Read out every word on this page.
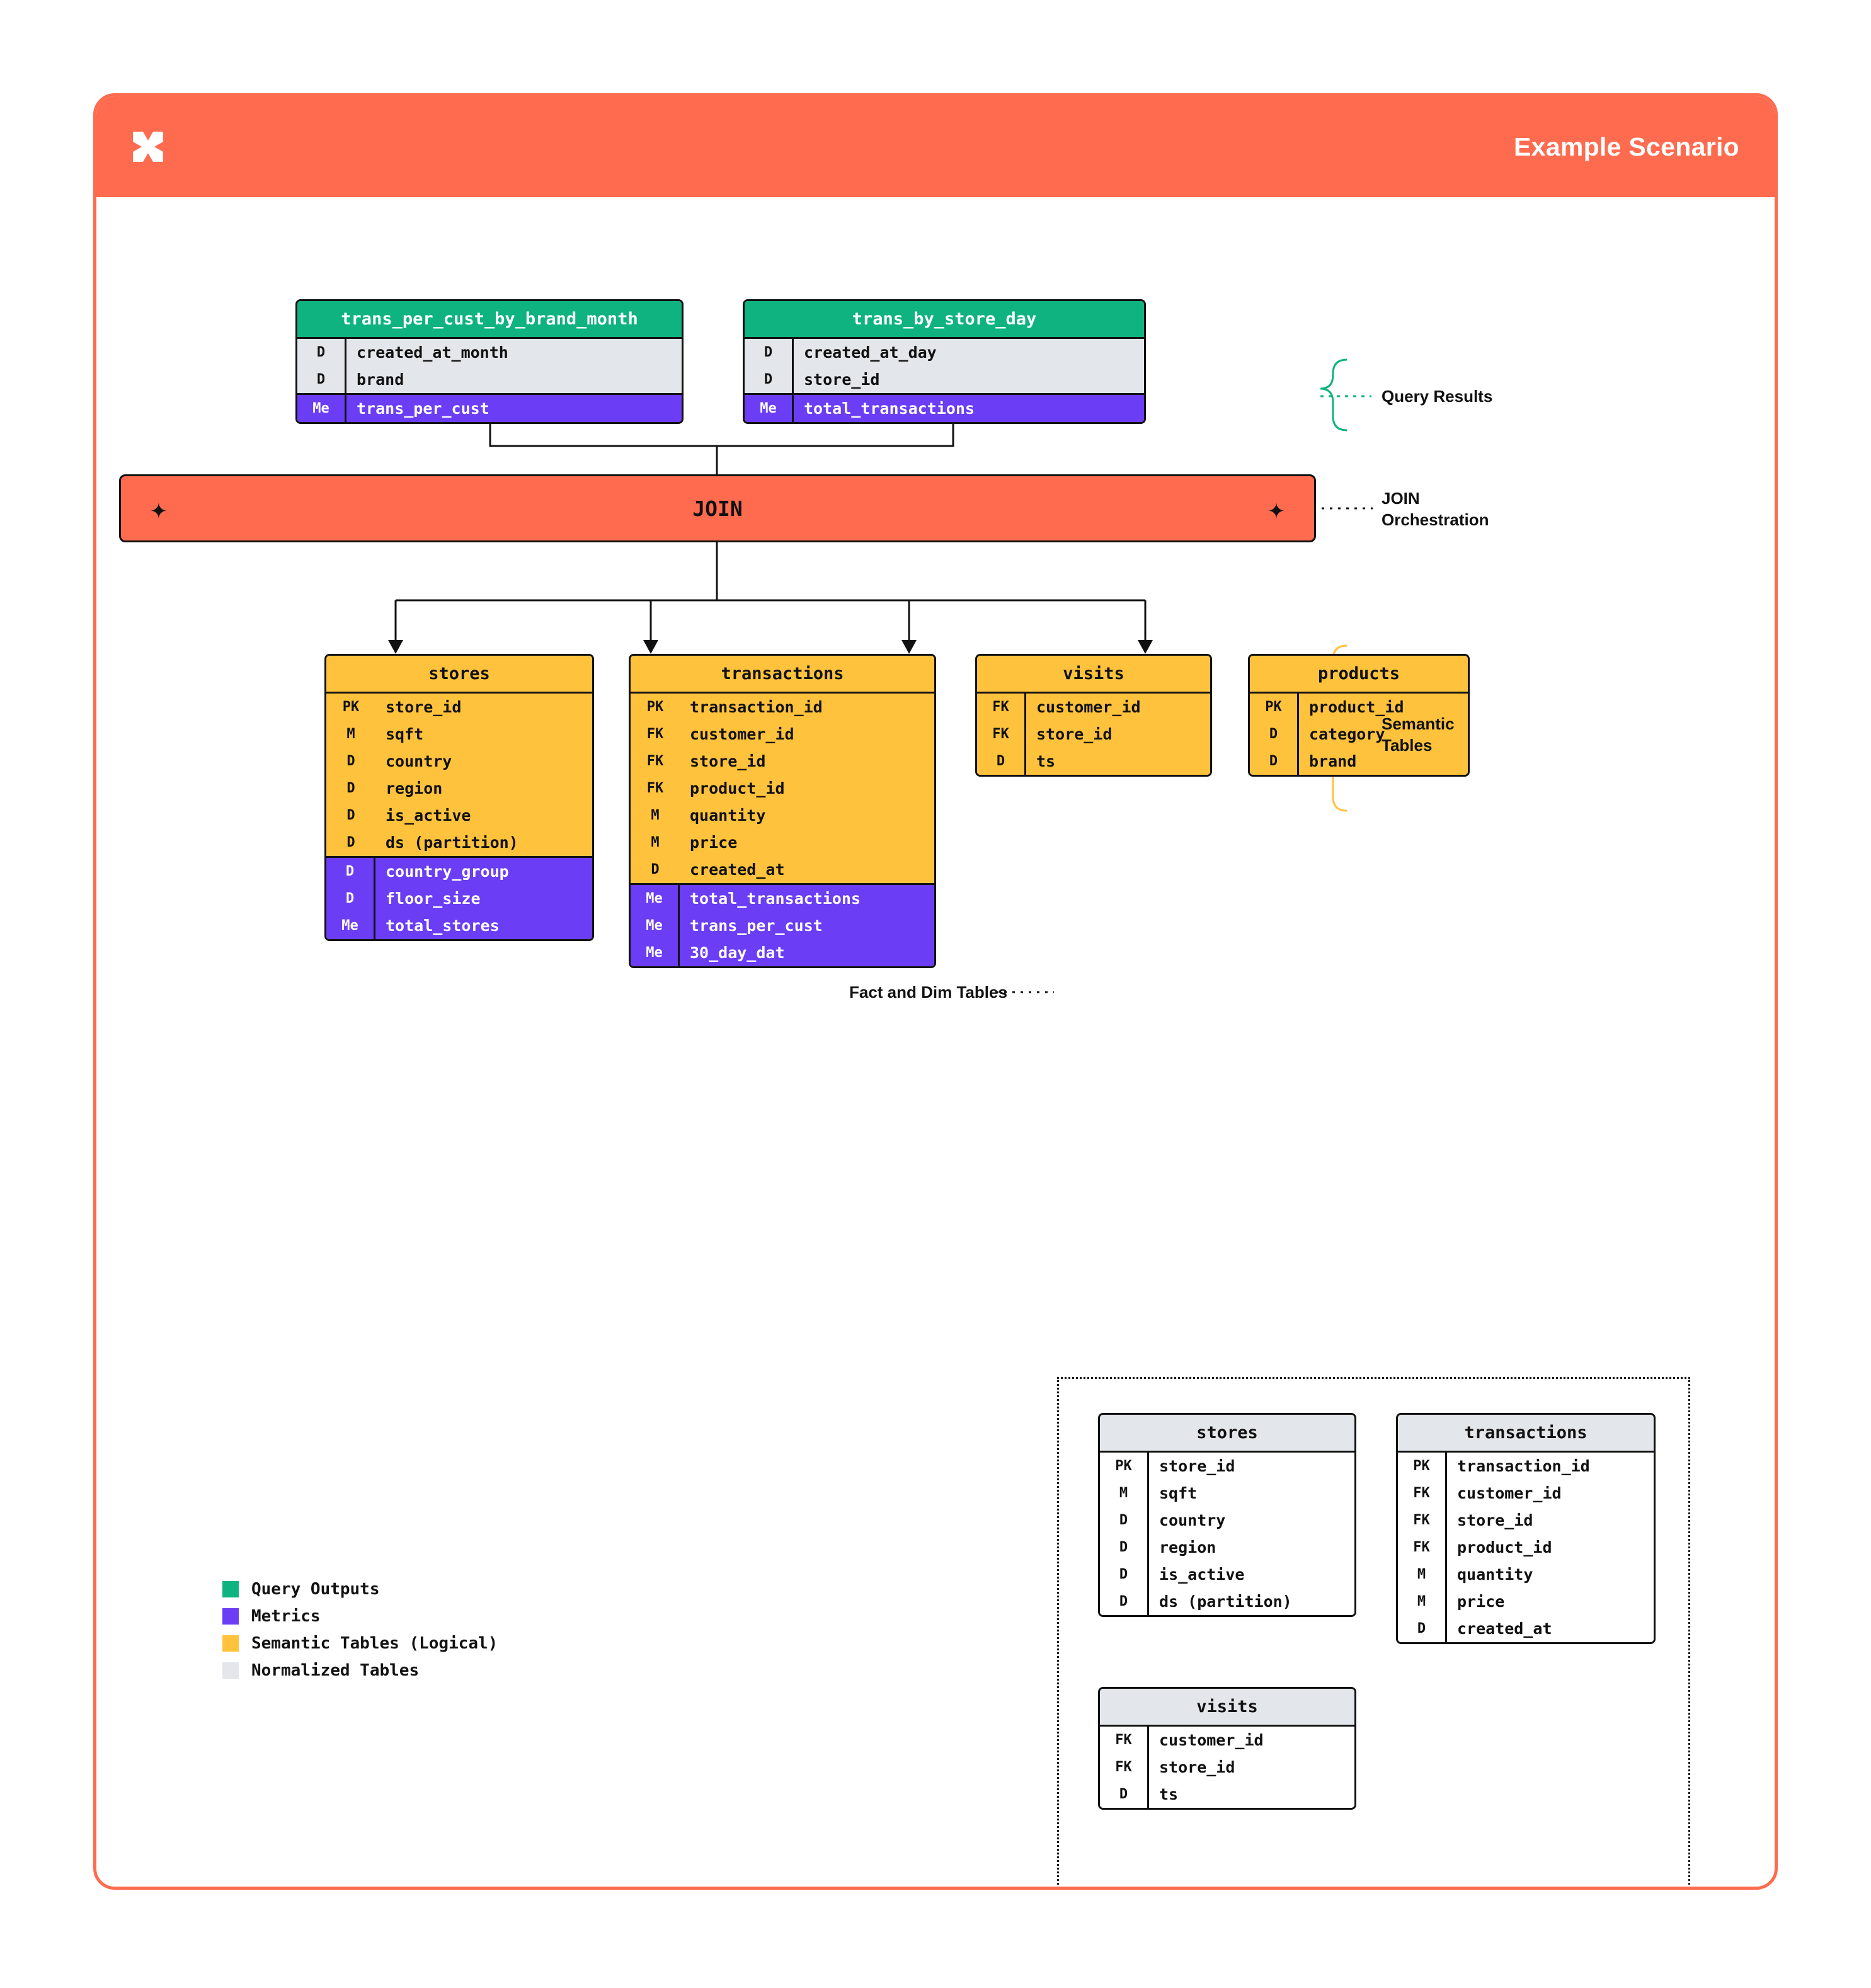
Example Scenario
trans_per_cust_by_brand_month
D	created_at_month
D	brand
Me	trans_per_cust
trans_by_store_day
D	created_at_day
D	store_id
Me	total_transactions
✦	JOIN	✦
stores
PK	store_id
M	sqft
D	country
D	region
D	is_active
D	ds (partition)
D	country_group
D	floor_size
Me	total_stores
transactions
PK	transaction_id
FK	customer_id
FK	store_id
FK	product_id
M	quantity
M	price
D	created_at
Me	total_transactions
Me	trans_per_cust
Me	30_day_dat
visits
FK	customer_id
FK	store_id
D	ts
products
PK	product_id
D	category
D	brand
Query Results
JOIN
Orchestration
Semantic
Tables
Fact and Dim Tables
stores
PK	store_id
M	sqft
D	country
D	region
D	is_active
D	ds (partition)
transactions
PK	transaction_id
FK	customer_id
FK	store_id
FK	product_id
M	quantity
M	price
D	created_at
visits
FK	customer_id
FK	store_id
D	ts
Query Outputs
Metrics
Semantic Tables (Logical)
Normalized Tables
